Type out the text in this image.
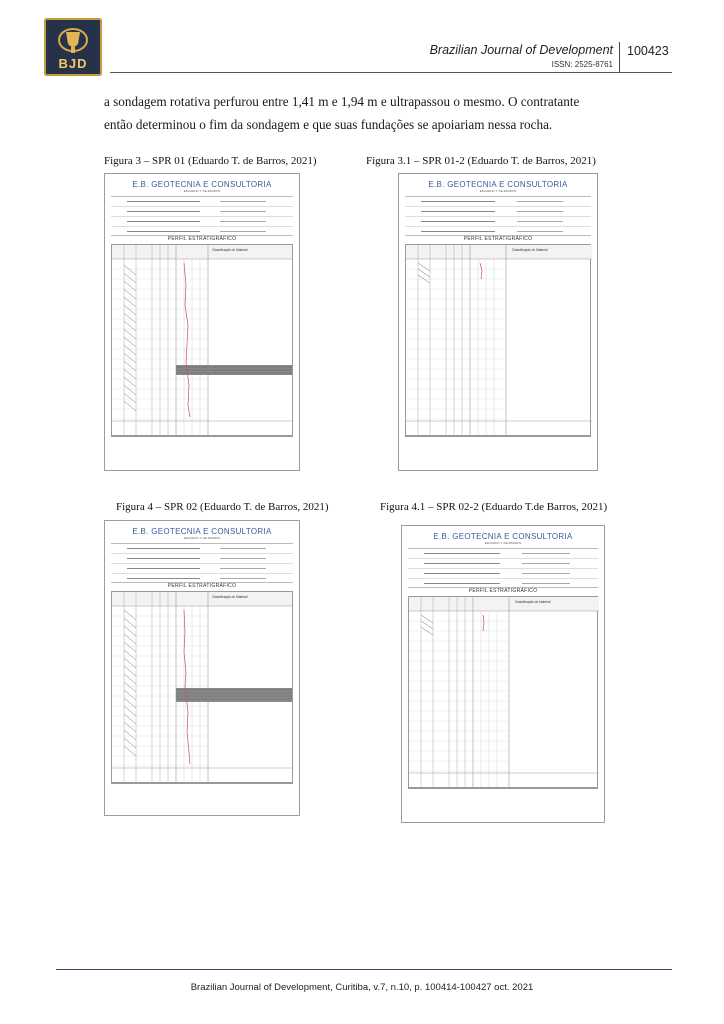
BJD
Brazilian Journal of Development
ISSN: 2525-8761
100423

a sondagem rotativa perfurou entre 1,41 m e 1,94 m e ultrapassou o mesmo. O contratante

então determinou o fim da sondagem e que suas fundações se apoiariam nessa rocha.

Figura 3 – SPR 01 (Eduardo T. de Barros, 2021)	Figura 3.1 – SPR 01-2 (Eduardo T. de Barros, 2021)
Figura 4 – SPR 02 (Eduardo T. de Barros, 2021)	Figura 4.1 – SPR 02-2 (Eduardo T.de Barros, 2021)
E.B. GEOTECNIA E CONSULTORIA
EDUARDO T. DE BARROS
PERFIL ESTRATIGRÁFICO
Classificação do Material
E.B. GEOTECNIA E CONSULTORIA
EDUARDO T. DE BARROS
PERFIL ESTRATIGRÁFICO
Classificação do Material
E.B. GEOTECNIA E CONSULTORIA
EDUARDO T. DE BARROS
PERFIL ESTRATIGRÁFICO
Classificação do Material
E.B. GEOTECNIA E CONSULTORIA
EDUARDO T. DE BARROS
PERFIL ESTRATIGRÁFICO
Classificação do Material
Brazilian Journal of Development, Curitiba, v.7, n.10, p. 100414-100427 oct. 2021
